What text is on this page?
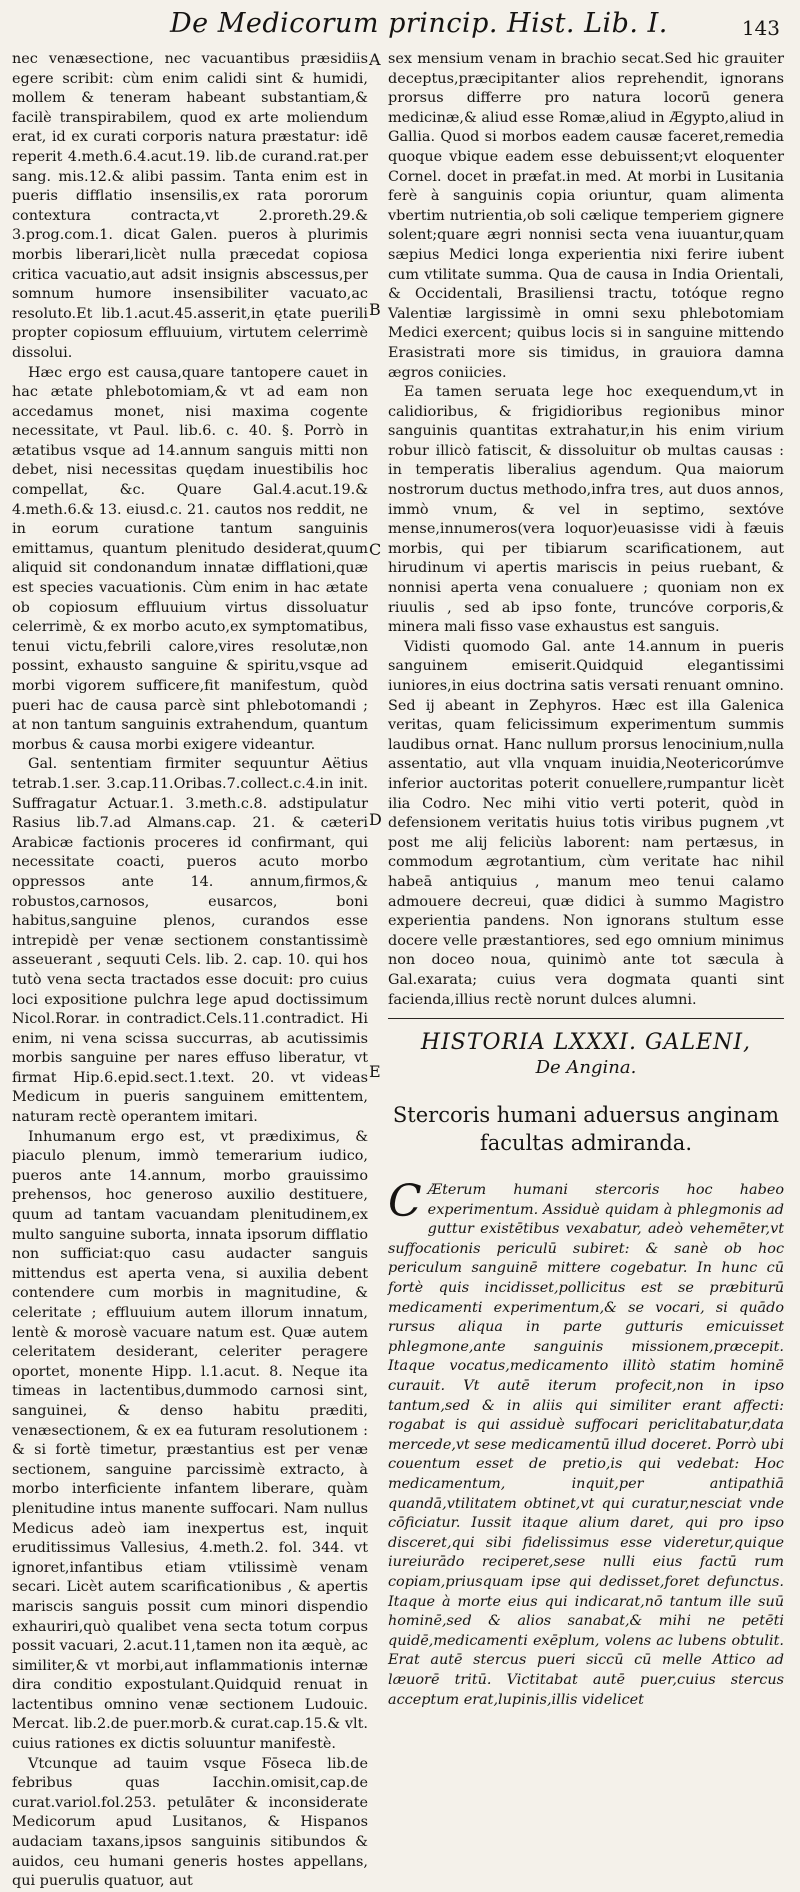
De Medicorum princip. Hist. Lib. I.	143
A
B
C
D
E

nec venæsectione, nec vacuantibus præsidiis egere scribit: cùm enim calidi sint & humidi, mollem & teneram habeant substantiam,& facilè transpirabilem, quod ex arte moliendum erat, id ex curati corporis natura præstatur: idē reperit 4.meth.6.4.acut.19. lib.de curand.rat.per sang. mis.12.& alibi passim. Tanta enim est in pueris difflatio insensilis,ex rata pororum contextura contracta,vt 2.proreth.29.& 3.prog.com.1. dicat Galen. pueros à plurimis morbis liberari,licèt nulla præcedat copiosa critica vacuatio,aut adsit insignis abscessus,per somnum humore insensibiliter vacuato,ac resoluto.Et lib.1.acut.45.asserit,in ętate puerili propter copiosum effluuium, virtutem celerrimè dissolui.

Hæc ergo est causa,quare tantopere cauet in hac ætate phlebotomiam,& vt ad eam non accedamus monet, nisi maxima cogente necessitate, vt Paul. lib.6. c. 40. §. Porrò in ætatibus vsque ad 14.annum sanguis mitti non debet, nisi necessitas quędam inuestibilis hoc compellat, &c. Quare Gal.4.acut.19.& 4.meth.6.& 13. eiusd.c. 21. cautos nos reddit, ne in eorum curatione tantum sanguinis emittamus, quantum plenitudo desiderat,quum aliquid sit condonandum innatæ difflationi,quæ est species vacuationis. Cùm enim in hac ætate ob copiosum effluuium virtus dissoluatur celerrimè, & ex morbo acuto,ex symptomatibus, tenui victu,febrili calore,vires resolutæ,non possint, exhausto sanguine & spiritu,vsque ad morbi vigorem sufficere,fit manifestum, quòd pueri hac de causa parcè sint phlebotomandi ; at non tantum sanguinis extrahendum, quantum morbus & causa morbi exigere videantur.

Gal. sententiam firmiter sequuntur Aëtius tetrab.1.ser. 3.cap.11.Oribas.7.collect.c.4.in init. Suffragatur Actuar.1. 3.meth.c.8. adstipulatur Rasius lib.7.ad Almans.cap. 21. & cæteri Arabicæ factionis proceres id confirmant, qui necessitate coacti, pueros acuto morbo oppressos ante 14. annum,firmos,& robustos,carnosos, eusarcos, boni habitus,sanguine plenos, curandos esse intrepidè per venæ sectionem constantissimè asseuerant , sequuti Cels. lib. 2. cap. 10. qui hos tutò vena secta tractados esse docuit: pro cuius loci expositione pulchra lege apud doctissimum Nicol.Rorar. in contradict.Cels.11.contradict. Hi enim, ni vena scissa succurras, ab acutissimis morbis sanguine per nares effuso liberatur, vt firmat Hip.6.epid.sect.1.text. 20. vt videas Medicum in pueris sanguinem emittentem, naturam rectè operantem imitari.

Inhumanum ergo est, vt prædiximus, & piaculo plenum, immò temerarium iudico, pueros ante 14.annum, morbo grauissimo prehensos, hoc generoso auxilio destituere, quum ad tantam vacuandam plenitudinem,ex multo sanguine suborta, innata ipsorum difflatio non sufficiat:quo casu audacter sanguis mittendus est aperta vena, si auxilia debent contendere cum morbis in magnitudine, & celeritate ; effluuium autem illorum innatum, lentè & morosè vacuare natum est. Quæ autem celeritatem desiderant, celeriter peragere oportet, monente Hipp. l.1.acut. 8. Neque ita timeas in lactentibus,dummodo carnosi sint, sanguinei, & denso habitu præditi, venæsectionem, & ex ea futuram resolutionem : & si fortè timetur, præstantius est per venæ sectionem, sanguine parcissimè extracto, à morbo interficiente infantem liberare, quàm plenitudine intus manente suffocari. Nam nullus Medicus adeò iam inexpertus est, inquit eruditissimus Vallesius, 4.meth.2. fol. 344. vt ignoret,infantibus etiam vtilissimè venam secari. Licèt autem scarificationibus , & apertis mariscis sanguis possit cum minori dispendio exhauriri,quò qualibet vena secta totum corpus possit vacuari, 2.acut.11,tamen non ita æquè, ac similiter,& vt morbi,aut inflammationis internæ dira conditio expostulant.Quidquid renuat in lactentibus omnino venæ sectionem Ludouic. Mercat. lib.2.de puer.morb.& curat.cap.15.& vlt. cuius rationes ex dictis soluuntur manifestè.

Vtcunque ad tauim vsque Fōseca lib.de febribus quas Iacchin.omisit,cap.de curat.variol.fol.253. petulāter & inconsiderate Medicorum apud Lusitanos, & Hispanos audaciam taxans,ipsos sanguinis sitibundos & auidos, ceu humani generis hostes appellans, qui puerulis quatuor, aut

sex mensium venam in brachio secat.Sed hic grauiter deceptus,præcipitanter alios reprehendit, ignorans prorsus differre pro natura locorū genera medicinæ,& aliud esse Romæ,aliud in Ægypto,aliud in Gallia. Quod si morbos eadem causæ faceret,remedia quoque vbique eadem esse debuissent;vt eloquenter Cornel. docet in præfat.in med. At morbi in Lusitania ferè à sanguinis copia oriuntur, quam alimenta vbertim nutrientia,ob soli cælique temperiem gignere solent;quare ægri nonnisi secta vena iuuantur,quam sæpius Medici longa experientia nixi ferire iubent cum vtilitate summa. Qua de causa in India Orientali, & Occidentali, Brasiliensi tractu, totóque regno Valentiæ largissimè in omni sexu phlebotomiam Medici exercent; quibus locis si in sanguine mittendo Erasistrati more sis timidus, in grauiora damna ægros coniicies.

Ea tamen seruata lege hoc exequendum,vt in calidioribus, & frigidioribus regionibus minor sanguinis quantitas extrahatur,in his enim virium robur illicò fatiscit, & dissoluitur ob multas causas : in temperatis liberalius agendum. Qua maiorum nostrorum ductus methodo,infra tres, aut duos annos, immò vnum, & vel in septimo, sextóve mense,innumeros(vera loquor)euasisse vidi à fæuis morbis, qui per tibiarum scarificationem, aut hirudinum vi apertis mariscis in peius ruebant, & nonnisi aperta vena conualuere ; quoniam non ex riuulis , sed ab ipso fonte, truncóve corporis,& minera mali fisso vase exhaustus est sanguis.

Vidisti quomodo Gal. ante 14.annum in pueris sanguinem emiserit.Quidquid elegantissimi iuniores,in eius doctrina satis versati renuant omnino. Sed ij abeant in Zephyros. Hæc est illa Galenica veritas, quam felicissimum experimentum summis laudibus ornat. Hanc nullum prorsus lenocinium,nulla assentatio, aut vlla vnquam inuidia,Neotericorúmve inferior auctoritas poterit conuellere,rumpantur licèt ilia Codro. Nec mihi vitio verti poterit, quòd in defensionem veritatis huius totis viribus pugnem ,vt post me alij feliciùs laborent: nam pertæsus, in commodum ægrotantium, cùm veritate hac nihil habeā antiquius , manum meo tenui calamo admouere decreui, quæ didici à summo Magistro experientia pandens. Non ignorans stultum esse docere velle præstantiores, sed ego omnium minimus non doceo noua, quinimò ante tot sæcula à Gal.exarata; cuius vera dogmata quanti sint facienda,illius rectè norunt dulces alumni.

HISTORIA LXXXI. GALENI,
De Angina.
Stercoris humani aduersus anginam facultas admiranda.

C Æterum humani stercoris hoc habeo experimentum. Assiduè quidam à phlegmonis ad guttur existētibus vexabatur, adeò vehemēter,vt suffocationis periculū subiret: & sanè ob hoc periculum sanguinē mittere cogebatur. In hunc cū fortè quis incidisset,pollicitus est se præbiturū medicamenti experimentum,& se vocari, si quādo rursus aliqua in parte gutturis emicuisset phlegmone,ante sanguinis missionem,præcepit. Itaque vocatus,medicamento illitò statim hominē curauit. Vt autē iterum profecit,non in ipso tantum,sed & in aliis qui similiter erant affecti: rogabat is qui assiduè suffocari periclitabatur,data mercede,vt sese medicamentū illud doceret. Porrò ubi couentum esset de pretio,is qui vedebat: Hoc medicamentum, inquit,per antipathiā quandā,vtilitatem obtinet,vt qui curatur,nesciat vnde cōficiatur. Iussit itaque alium daret, qui pro ipso disceret,qui sibi fidelissimus esse videretur,quique iureiurādo reciperet,sese nulli eius factū rum copiam,priusquam ipse qui dedisset,foret defunctus. Itaque à morte eius qui indicarat,nō tantum ille suū hominē,sed & alios sanabat,& mihi ne petēti quidē,medicamenti exēplum, volens ac lubens obtulit. Erat autē stercus pueri siccū cū melle Attico ad læuorē tritū. Victitabat autē puer,cuius stercus acceptum erat,lupinis,illis videlicet
